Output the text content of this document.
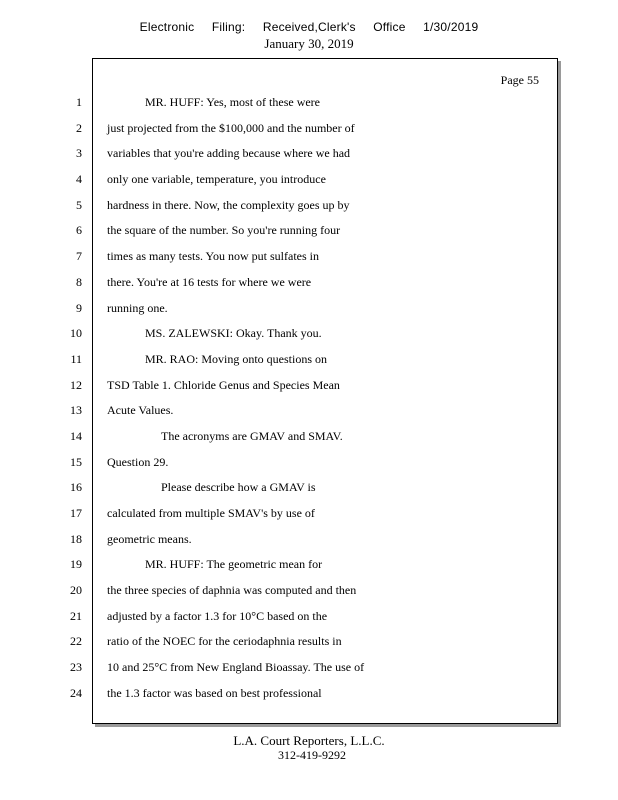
Electronic Filing: Received,Clerk's Office 1/30/2019
January 30, 2019
Page 55
1
2
3
4
5
6
7
8
9
10
11
12
13
14
15
16
17
18
19
20
21
22
23
24
MR. HUFF: Yes, most of these were
just projected from the $100,000 and the number of
variables that you're adding because where we had
only one variable, temperature, you introduce
hardness in there. Now, the complexity goes up by
the square of the number. So you're running four
times as many tests. You now put sulfates in
there. You're at 16 tests for where we were
running one.
MS. ZALEWSKI: Okay. Thank you.
MR. RAO: Moving onto questions on
TSD Table 1. Chloride Genus and Species Mean
Acute Values.
The acronyms are GMAV and SMAV.
Question 29.
Please describe how a GMAV is
calculated from multiple SMAV's by use of
geometric means.
MR. HUFF: The geometric mean for
the three species of daphnia was computed and then
adjusted by a factor 1.3 for 10°C based on the
ratio of the NOEC for the ceriodaphnia results in
10 and 25°C from New England Bioassay. The use of
the 1.3 factor was based on best professional
L.A. Court Reporters, L.L.C.
312-419-9292
